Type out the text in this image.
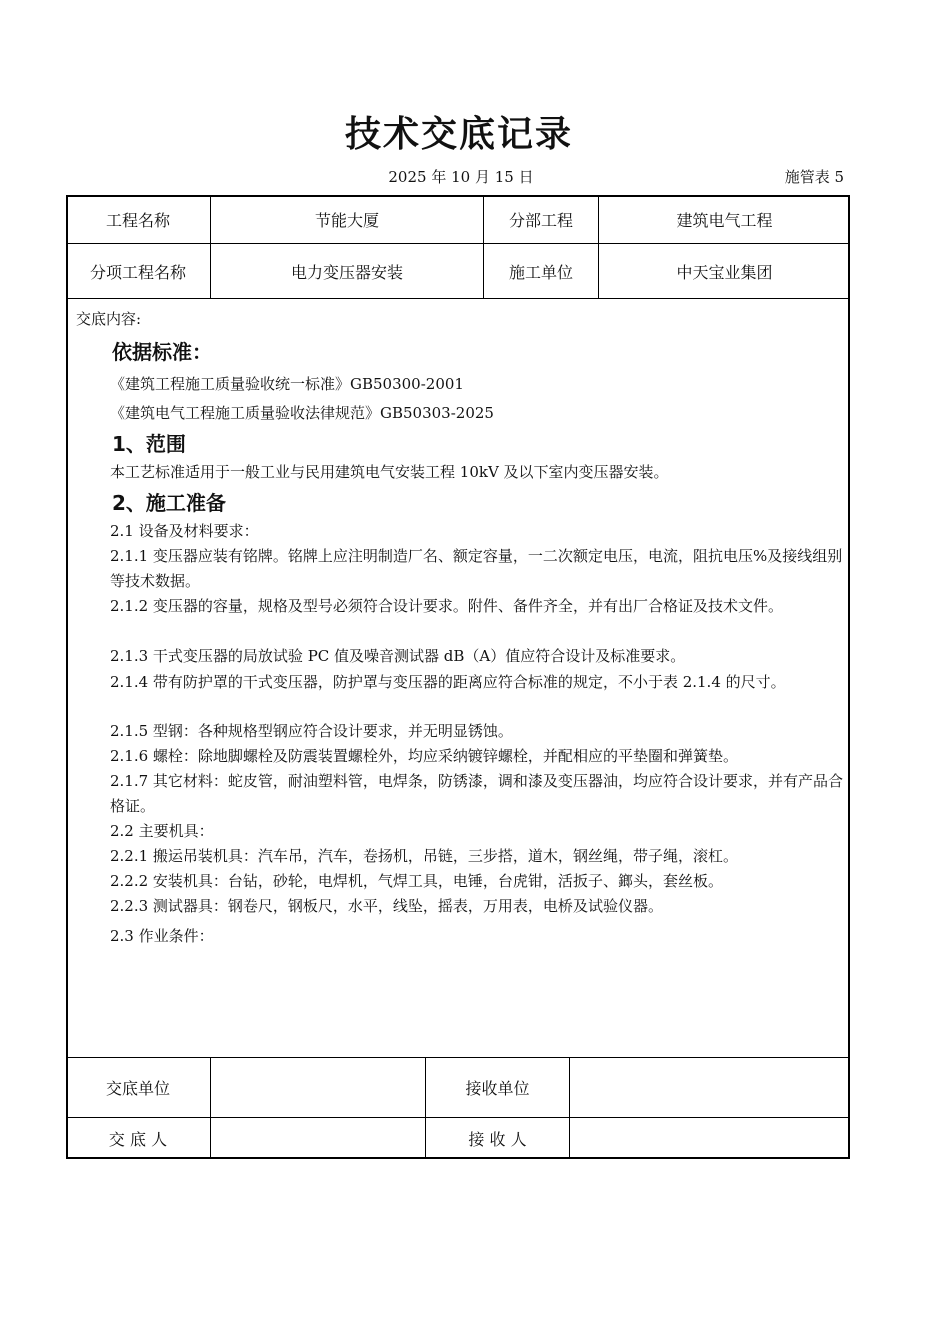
技术交底记录
2025 年 10 月 15 日	施管表 5
工程名称	节能大厦	分部工程	建筑电气工程
分项工程名称	电力变压器安装	施工单位	中天宝业集团
交底内容:
依据标准：
《建筑工程施工质量验收统一标准》GB50300-2001
《建筑电气工程施工质量验收法律规范》GB50303-2025
1、范围
本工艺标准适用于一般工业与民用建筑电气安装工程 10kV 及以下室内变压器安装。
2、施工准备
2.1 设备及材料要求：
2.1.1 变压器应装有铭牌。铭牌上应注明制造厂名、额定容量，一二次额定电压，电流，阻抗电压%及接线组别等技术数据。
2.1.2 变压器的容量，规格及型号必须符合设计要求。附件、备件齐全，并有出厂合格证及技术文件。
2.1.3 干式变压器的局放试验 PC 值及噪音测试器 dB（A）值应符合设计及标准要求。
2.1.4 带有防护罩的干式变压器，防护罩与变压器的距离应符合标准的规定，不小于表 2.1.4 的尺寸。
2.1.5 型钢：各种规格型钢应符合设计要求，并无明显锈蚀。
2.1.6 螺栓：除地脚螺栓及防震装置螺栓外，均应采纳镀锌螺栓，并配相应的平垫圈和弹簧垫。
2.1.7 其它材料：蛇皮管，耐油塑料管，电焊条，防锈漆，调和漆及变压器油，均应符合设计要求，并有产品合格证。
2.2 主要机具：
2.2.1 搬运吊装机具：汽车吊，汽车，卷扬机，吊链，三步搭，道木，钢丝绳，带子绳，滚杠。
2.2.2 安装机具：台钻，砂轮，电焊机，气焊工具，电锤，台虎钳，活扳子、鎯头，套丝板。
2.2.3 测试器具：钢卷尺，钢板尺，水平，线坠，摇表，万用表，电桥及试验仪器。
2.3 作业条件：
交底单位	接收单位
交 底 人	接 收 人
